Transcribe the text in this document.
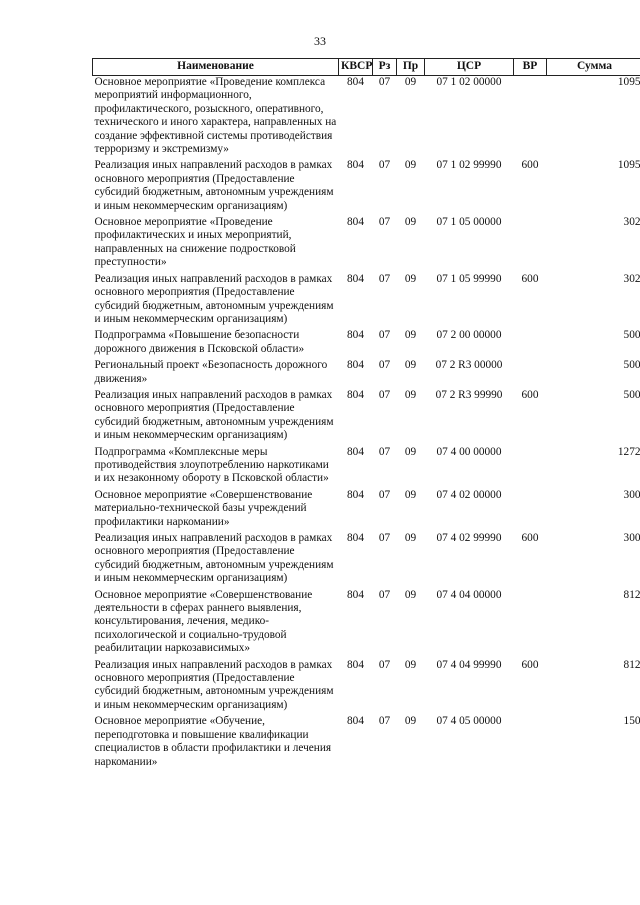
33
Наименование	КВСР	Рз	Пр	ЦСР	ВР	Сумма
Основное мероприятие «Проведение комплекса мероприятий информационного, профилактического, розыскного, оперативного, технического и иного характера, направленных на создание эффективной системы противодействия терроризму и экстремизму»	804	07	09	07 1 02 00000		1095
Реализация иных направлений расходов в рамках основного мероприятия (Предоставление субсидий бюджетным, автономным учреждениям и иным некоммерческим организациям)	804	07	09	07 1 02 99990	600	1095
Основное мероприятие «Проведение профилактических и иных мероприятий, направленных на снижение подростковой преступности»	804	07	09	07 1 05 00000		302
Реализация иных направлений расходов в рамках основного мероприятия (Предоставление субсидий бюджетным, автономным учреждениям и иным некоммерческим организациям)	804	07	09	07 1 05 99990	600	302
Подпрограмма «Повышение безопасности дорожного движения в Псковской области»	804	07	09	07 2 00 00000		500
Региональный проект «Безопасность дорожного движения»	804	07	09	07 2 R3 00000		500
Реализация иных направлений расходов в рамках основного мероприятия (Предоставление субсидий бюджетным, автономным учреждениям и иным некоммерческим организациям)	804	07	09	07 2 R3 99990	600	500
Подпрограмма «Комплексные меры противодействия злоупотреблению наркотиками и их незаконному обороту в Псковской области»	804	07	09	07 4 00 00000		1272
Основное мероприятие «Совершенствование материально-технической базы учреждений профилактики наркомании»	804	07	09	07 4 02 00000		300
Реализация иных направлений расходов в рамках основного мероприятия (Предоставление субсидий бюджетным, автономным учреждениям и иным некоммерческим организациям)	804	07	09	07 4 02 99990	600	300
Основное мероприятие «Совершенствование деятельности в сферах раннего выявления, консультирования, лечения, медико-психологической и социально-трудовой реабилитации наркозависимых»	804	07	09	07 4 04 00000		812
Реализация иных направлений расходов в рамках основного мероприятия (Предоставление субсидий бюджетным, автономным учреждениям и иным некоммерческим организациям)	804	07	09	07 4 04 99990	600	812
Основное мероприятие «Обучение, переподготовка и повышение квалификации специалистов в области профилактики и лечения наркомании»	804	07	09	07 4 05 00000		150
